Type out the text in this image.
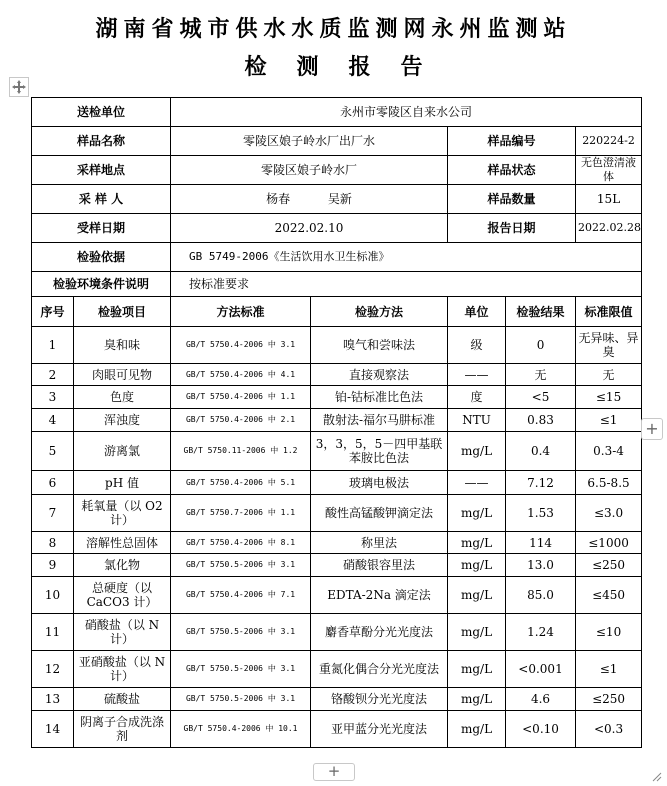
湖南省城市供水水质监测网永州监测站
检测报告
送检单位		永州市零陵区自来水公司				
样品名称		零陵区娘子岭水厂出厂水		样品编号		220224-2
采样地点		零陵区娘子岭水厂		样品状态		无色澄清液体
采 样 人		杨春 吴新		样品数量		15L
受样日期		2022.02.10		报告日期		2022.02.28
检验依据		GB 5749-2006《生活饮用水卫生标准》				
检验环境条件说明		按标准要求				
序号	检验项目	方法标准	检验方法	单位	检验结果	标准限值
1	臭和味	GB/T 5750.4-2006 中 3.1	嗅气和尝味法	级	0	无异味、异臭
2	肉眼可见物	GB/T 5750.4-2006 中 4.1	直接观察法	——	无	无
3	色度	GB/T 5750.4-2006 中 1.1	铂-钴标准比色法	度	<5	≤15
4	浑浊度	GB/T 5750.4-2006 中 2.1	散射法-福尔马肼标准	NTU	0.83	≤1
5	游离氯	GB/T 5750.11-2006 中 1.2	3，3，5，5－四甲基联苯胺比色法	mg/L	0.4	0.3-4
6	pH 值	GB/T 5750.4-2006 中 5.1	玻璃电极法	——	7.12	6.5-8.5
7	耗氧量（以 O2 计）	GB/T 5750.7-2006 中 1.1	酸性高锰酸钾滴定法	mg/L	1.53	≤3.0
8	溶解性总固体	GB/T 5750.4-2006 中 8.1	称里法	mg/L	114	≤1000
9	氯化物	GB/T 5750.5-2006 中 3.1	硝酸银容里法	mg/L	13.0	≤250
10	总硬度（以 CaCO3 计）	GB/T 5750.4-2006 中 7.1	EDTA-2Na 滴定法	mg/L	85.0	≤450
11	硝酸盐（以 N 计）	GB/T 5750.5-2006 中 3.1	麝香草酚分光光度法	mg/L	1.24	≤10
12	亚硝酸盐（以 N 计）	GB/T 5750.5-2006 中 3.1	重氮化偶合分光光度法	mg/L	<0.001	≤1
13	硫酸盐	GB/T 5750.5-2006 中 3.1	铬酸钡分光光度法	mg/L	4.6	≤250
14	阴离子合成洗涤剂	GB/T 5750.4-2006 中 10.1	亚甲蓝分光光度法	mg/L	<0.10	<0.3
+
+
